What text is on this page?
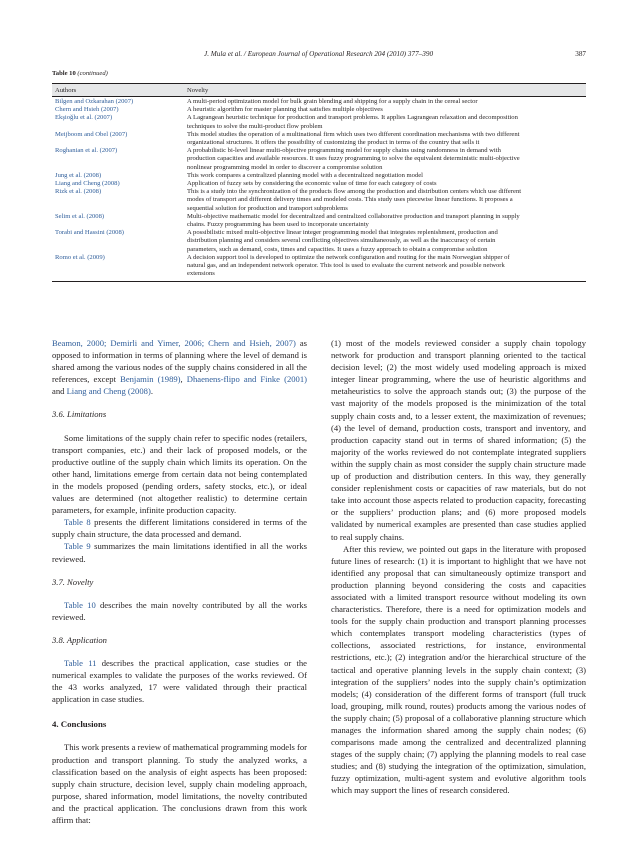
J. Mula et al. / European Journal of Operational Research 204 (2010) 377–390	387
Table 10 (continued)
Authors	Novelty
Bilgen and Ozkarahan (2007)	A multi-period optimization model for bulk grain blending and shipping for a supply chain in the cereal sector
Chern and Hsieh (2007)	A heuristic algorithm for master planning that satisfies multiple objectives
Ekşioğlu et al. (2007)	A Lagrangean heuristic technique for production and transport problems. It applies Lagrangean relaxation and decomposition
techniques to solve the multi-product flow problem
Meijboom and Obel (2007)	This model studies the operation of a multinational firm which uses two different coordination mechanisms with two different
organizational structures. It offers the possibility of customizing the product in terms of the country that sells it
Roghanian et al. (2007)	A probabilistic bi-level linear multi-objective programming model for supply chains using randomness in demand with
production capacities and available resources. It uses fuzzy programming to solve the equivalent deterministic multi-objective
nonlinear programming model in order to discover a compromise solution
Jung et al. (2008)	This work compares a centralized planning model with a decentralized negotiation model
Liang and Cheng (2008)	Application of fuzzy sets by considering the economic value of time for each category of costs
Rizk et al. (2008)	This is a study into the synchronization of the products flow among the production and distribution centers which use different
modes of transport and different delivery times and modeled costs. This study uses piecewise linear functions. It proposes a
sequential solution for production and transport subproblems
Selim et al. (2008)	Multi-objective mathematic model for decentralized and centralized collaborative production and transport planning in supply
chains. Fuzzy programming has been used to incorporate uncertainty
Torabi and Hassini (2008)	A possibilistic mixed multi-objective linear integer programming model that integrates replenishment, production and
distribution planning and considers several conflicting objectives simultaneously, as well as the inaccuracy of certain
parameters, such as demand, costs, times and capacities. It uses a fuzzy approach to obtain a compromise solution
Romo et al. (2009)	A decision support tool is developed to optimize the network configuration and routing for the main Norwegian shipper of
natural gas, and an independent network operator. This tool is used to evaluate the current network and possible network
extensions

Beamon, 2000; Demirli and Yimer, 2006; Chern and Hsieh, 2007) as opposed to information in terms of planning where the level of demand is shared among the various nodes of the supply chains considered in all the references, except Benjamin (1989), Dhaenens-flipo and Finke (2001) and Liang and Cheng (2008).

3.6. Limitations

Some limitations of the supply chain refer to specific nodes (retailers, transport companies, etc.) and their lack of proposed models, or the productive outline of the supply chain which limits its operation. On the other hand, limitations emerge from certain data not being contemplated in the models proposed (pending orders, safety stocks, etc.), or ideal values are determined (not altogether realistic) to determine certain parameters, for example, infinite production capacity.

Table 8 presents the different limitations considered in terms of the supply chain structure, the data processed and demand.

Table 9 summarizes the main limitations identified in all the works reviewed.

3.7. Novelty

Table 10 describes the main novelty contributed by all the works reviewed.

3.8. Application

Table 11 describes the practical application, case studies or the numerical examples to validate the purposes of the works reviewed. Of the 43 works analyzed, 17 were validated through their practical application in case studies.

4. Conclusions

This work presents a review of mathematical programming models for production and transport planning. To study the analyzed works, a classification based on the analysis of eight aspects has been proposed: supply chain structure, decision level, supply chain modeling approach, purpose, shared information, model limitations, the novelty contributed and the practical application. The conclusions drawn from this work affirm that:

(1) most of the models reviewed consider a supply chain topology network for production and transport planning oriented to the tactical decision level; (2) the most widely used modeling approach is mixed integer linear programming, where the use of heuristic algorithms and metaheuristics to solve the approach stands out; (3) the purpose of the vast majority of the models proposed is the minimization of the total supply chain costs and, to a lesser extent, the maximization of revenues; (4) the level of demand, production costs, transport and inventory, and production capacity stand out in terms of shared information; (5) the majority of the works reviewed do not contemplate integrated suppliers within the supply chain as most consider the supply chain structure made up of production and distribution centers. In this way, they generally consider replenishment costs or capacities of raw materials, but do not take into account those aspects related to production capacity, forecasting or the suppliers’ production plans; and (6) more proposed models validated by numerical examples are presented than case studies applied to real supply chains.

After this review, we pointed out gaps in the literature with proposed future lines of research: (1) it is important to highlight that we have not identified any proposal that can simultaneously optimize transport and production planning beyond considering the costs and capacities associated with a limited transport resource without modeling its own characteristics. Therefore, there is a need for optimization models and tools for the supply chain production and transport planning processes which contemplates transport modeling characteristics (types of collections, associated restrictions, for instance, environmental restrictions, etc.); (2) integration and/or the hierarchical structure of the tactical and operative planning levels in the supply chain context; (3) integration of the suppliers’ nodes into the supply chain’s optimization models; (4) consideration of the different forms of transport (full truck load, grouping, milk round, routes) products among the various nodes of the supply chain; (5) proposal of a collaborative planning structure which manages the information shared among the supply chain nodes; (6) comparisons made among the centralized and decentralized planning stages of the supply chain; (7) applying the planning models to real case studies; and (8) studying the integration of the optimization, simulation, fuzzy optimization, multi-agent system and evolutive algorithm tools which may support the lines of research considered.
